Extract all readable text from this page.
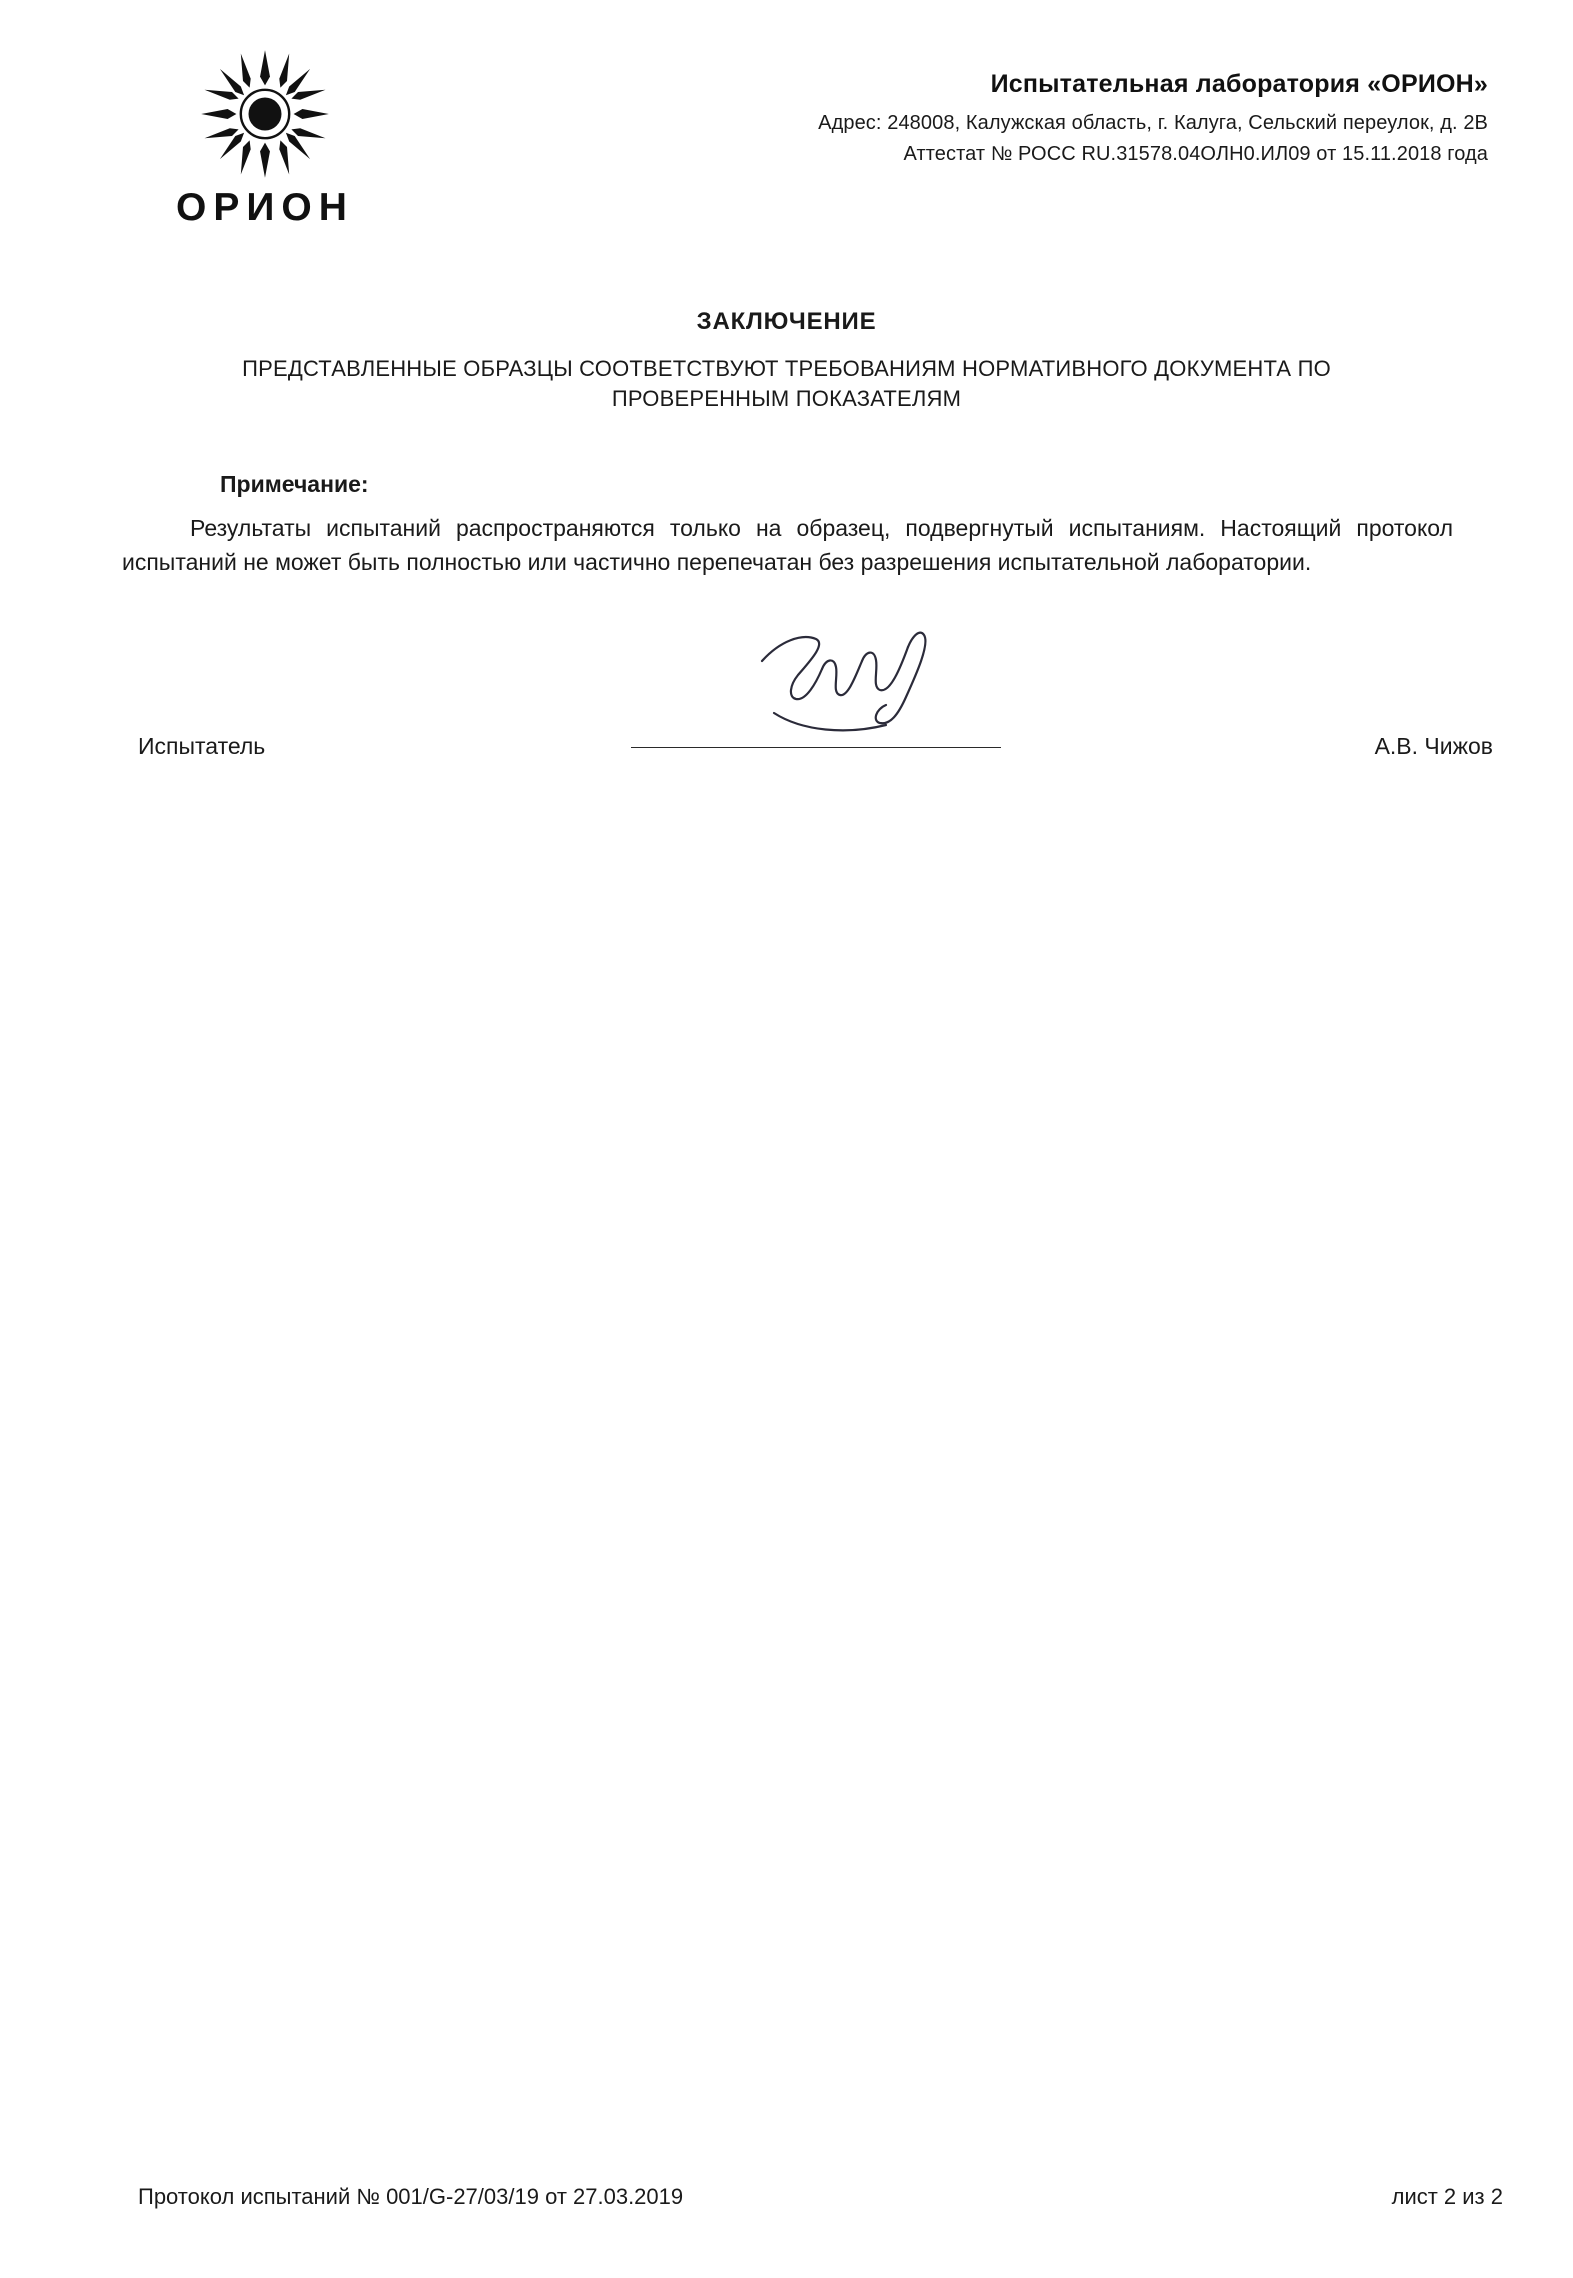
ОРИОН
Испытательная лаборатория «ОРИОН»
Адрес: 248008, Калужская область, г. Калуга, Сельский переулок, д. 2В
Аттестат № РОСС RU.31578.04ОЛН0.ИЛ09 от 15.11.2018 года
ЗАКЛЮЧЕНИЕ
ПРЕДСТАВЛЕННЫЕ ОБРАЗЦЫ СООТВЕТСТВУЮТ ТРЕБОВАНИЯМ НОРМАТИВНОГО ДОКУМЕНТА ПО ПРОВЕРЕННЫМ ПОКАЗАТЕЛЯМ
Примечание:
Результаты испытаний распространяются только на образец, подвергнутый испытаниям. Настоящий протокол испытаний не может быть полностью или частично перепечатан без разрешения испытательной лаборатории.
Испытатель	А.В. Чижов
Протокол испытаний № 001/G-27/03/19 от 27.03.2019	лист 2 из 2
